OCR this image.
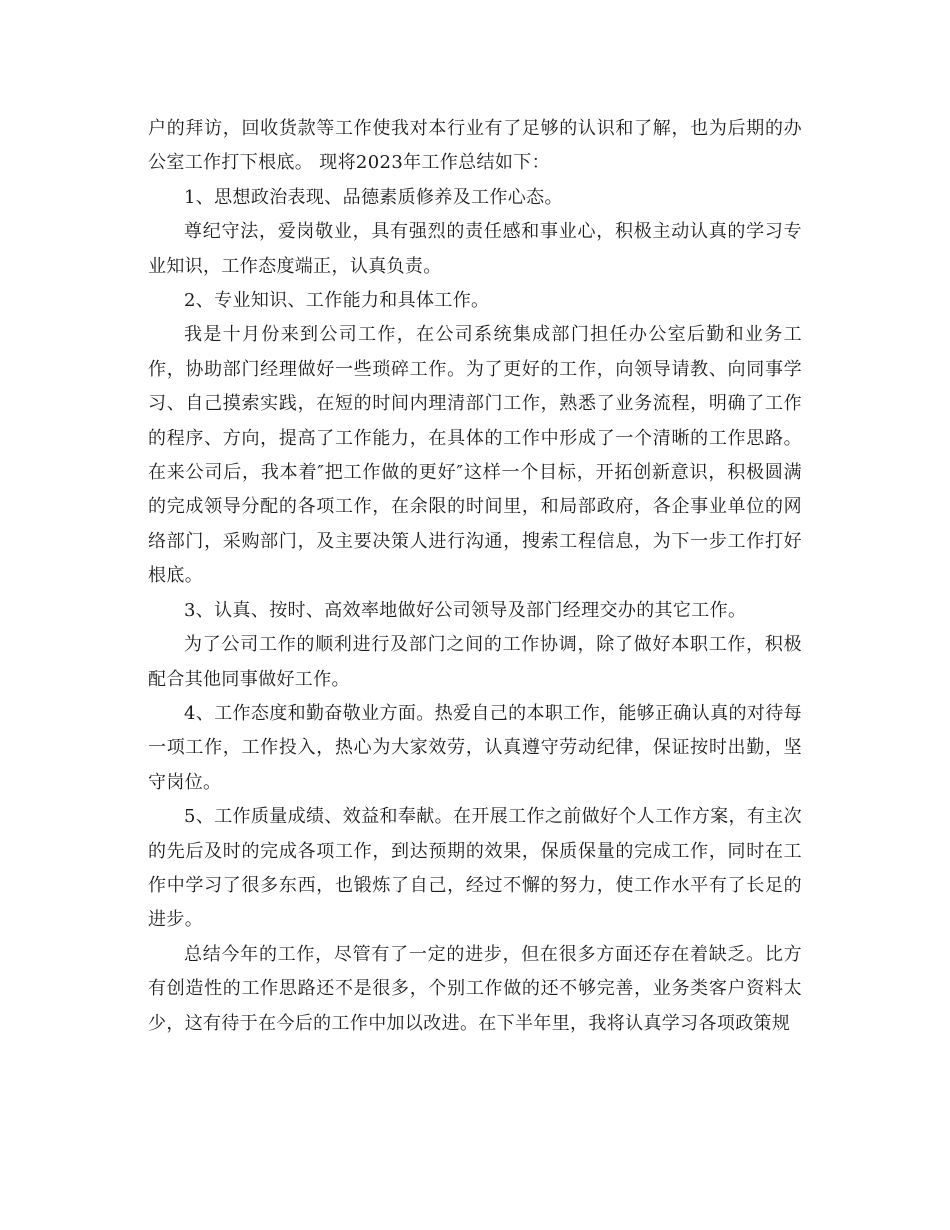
户的拜访，回收货款等工作使我对本行业有了足够的认识和了解，也为后期的办公室工作打下根底。 现将2023年工作总结如下：

1、思想政治表现、品德素质修养及工作心态。

尊纪守法，爱岗敬业，具有强烈的责任感和事业心，积极主动认真的学习专业知识，工作态度端正，认真负责。

2、专业知识、工作能力和具体工作。

我是十月份来到公司工作，在公司系统集成部门担任办公室后勤和业务工作，协助部门经理做好一些琐碎工作。为了更好的工作，向领导请教、向同事学习、自己摸索实践，在短的时间内理清部门工作，熟悉了业务流程，明确了工作的程序、方向，提高了工作能力，在具体的工作中形成了一个清晰的工作思路。在来公司后，我本着″把工作做的更好″这样一个目标，开拓创新意识，积极圆满的完成领导分配的各项工作，在余限的时间里，和局部政府，各企事业单位的网络部门，采购部门，及主要决策人进行沟通，搜索工程信息，为下一步工作打好根底。

3、认真、按时、高效率地做好公司领导及部门经理交办的其它工作。

为了公司工作的顺利进行及部门之间的工作协调，除了做好本职工作，积极配合其他同事做好工作。

4、工作态度和勤奋敬业方面。热爱自己的本职工作，能够正确认真的对待每一项工作，工作投入，热心为大家效劳，认真遵守劳动纪律，保证按时出勤，坚守岗位。

5、工作质量成绩、效益和奉献。在开展工作之前做好个人工作方案，有主次的先后及时的完成各项工作，到达预期的效果，保质保量的完成工作，同时在工作中学习了很多东西，也锻炼了自己，经过不懈的努力，使工作水平有了长足的进步。

总结今年的工作，尽管有了一定的进步，但在很多方面还存在着缺乏。比方有创造性的工作思路还不是很多，个别工作做的还不够完善，业务类客户资料太少，这有待于在今后的工作中加以改进。在下半年里，我将认真学习各项政策规
